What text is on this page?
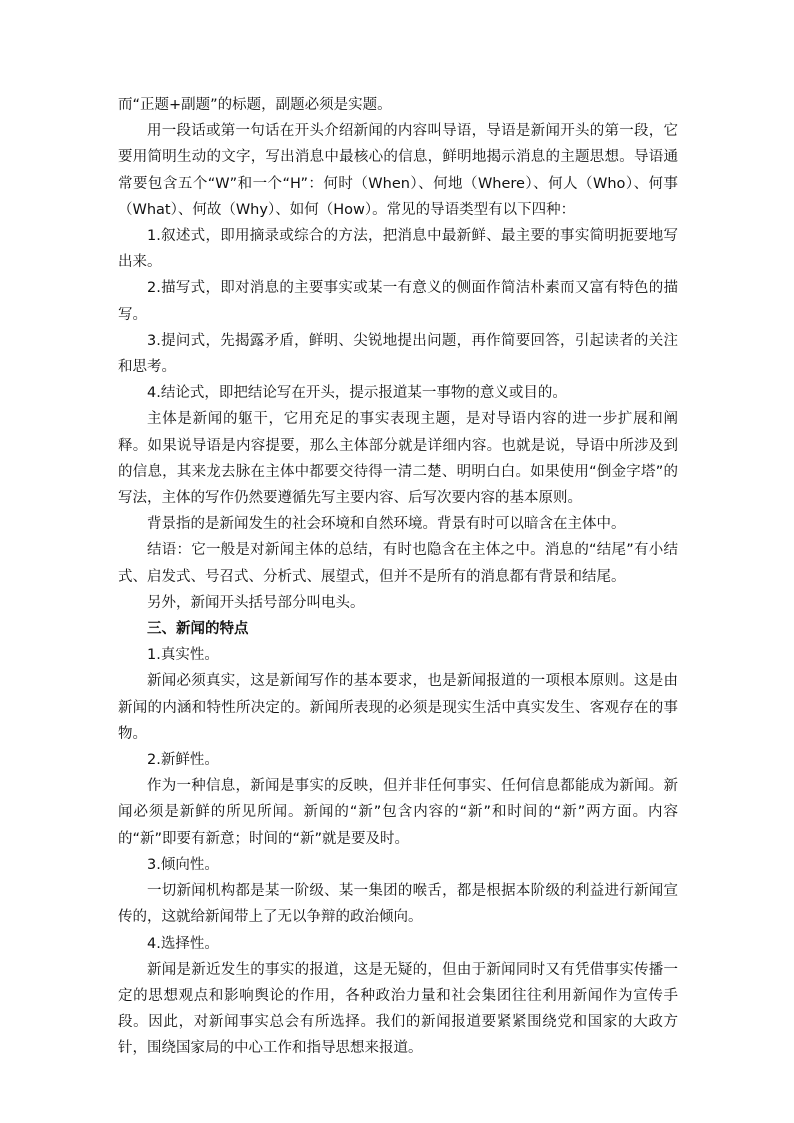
而“正题+副题”的标题，副题必须是实题。

用一段话或第一句话在开头介绍新闻的内容叫导语，导语是新闻开头的第一段，它要用简明生动的文字，写出消息中最核心的信息，鲜明地揭示消息的主题思想。导语通常要包含五个“W”和一个“H”：何时（When）、何地（Where）、何人（Who）、何事（What）、何故（Why）、如何（How）。常见的导语类型有以下四种：

1.叙述式，即用摘录或综合的方法，把消息中最新鲜、最主要的事实简明扼要地写出来。

2.描写式，即对消息的主要事实或某一有意义的侧面作简洁朴素而又富有特色的描写。

3.提问式，先揭露矛盾，鲜明、尖锐地提出问题，再作简要回答，引起读者的关注和思考。

4.结论式，即把结论写在开头，提示报道某一事物的意义或目的。

主体是新闻的躯干，它用充足的事实表现主题，是对导语内容的进一步扩展和阐释。如果说导语是内容提要，那么主体部分就是详细内容。也就是说，导语中所涉及到的信息，其来龙去脉在主体中都要交待得一清二楚、明明白白。如果使用“倒金字塔”的写法，主体的写作仍然要遵循先写主要内容、后写次要内容的基本原则。

背景指的是新闻发生的社会环境和自然环境。背景有时可以暗含在主体中。

结语：它一般是对新闻主体的总结，有时也隐含在主体之中。消息的“结尾”有小结式、启发式、号召式、分析式、展望式，但并不是所有的消息都有背景和结尾。

另外，新闻开头括号部分叫电头。

三、新闻的特点

1.真实性。

新闻必须真实，这是新闻写作的基本要求，也是新闻报道的一项根本原则。这是由新闻的内涵和特性所决定的。新闻所表现的必须是现实生活中真实发生、客观存在的事物。

2.新鲜性。

作为一种信息，新闻是事实的反映，但并非任何事实、任何信息都能成为新闻。新闻必须是新鲜的所见所闻。新闻的“新”包含内容的“新”和时间的“新”两方面。内容的“新”即要有新意；时间的“新”就是要及时。

3.倾向性。

一切新闻机构都是某一阶级、某一集团的喉舌，都是根据本阶级的利益进行新闻宣传的，这就给新闻带上了无以争辩的政治倾向。

4.选择性。

新闻是新近发生的事实的报道，这是无疑的，但由于新闻同时又有凭借事实传播一定的思想观点和影响舆论的作用，各种政治力量和社会集团往往利用新闻作为宣传手段。因此，对新闻事实总会有所选择。我们的新闻报道要紧紧围绕党和国家的大政方针，围绕国家局的中心工作和指导思想来报道。
